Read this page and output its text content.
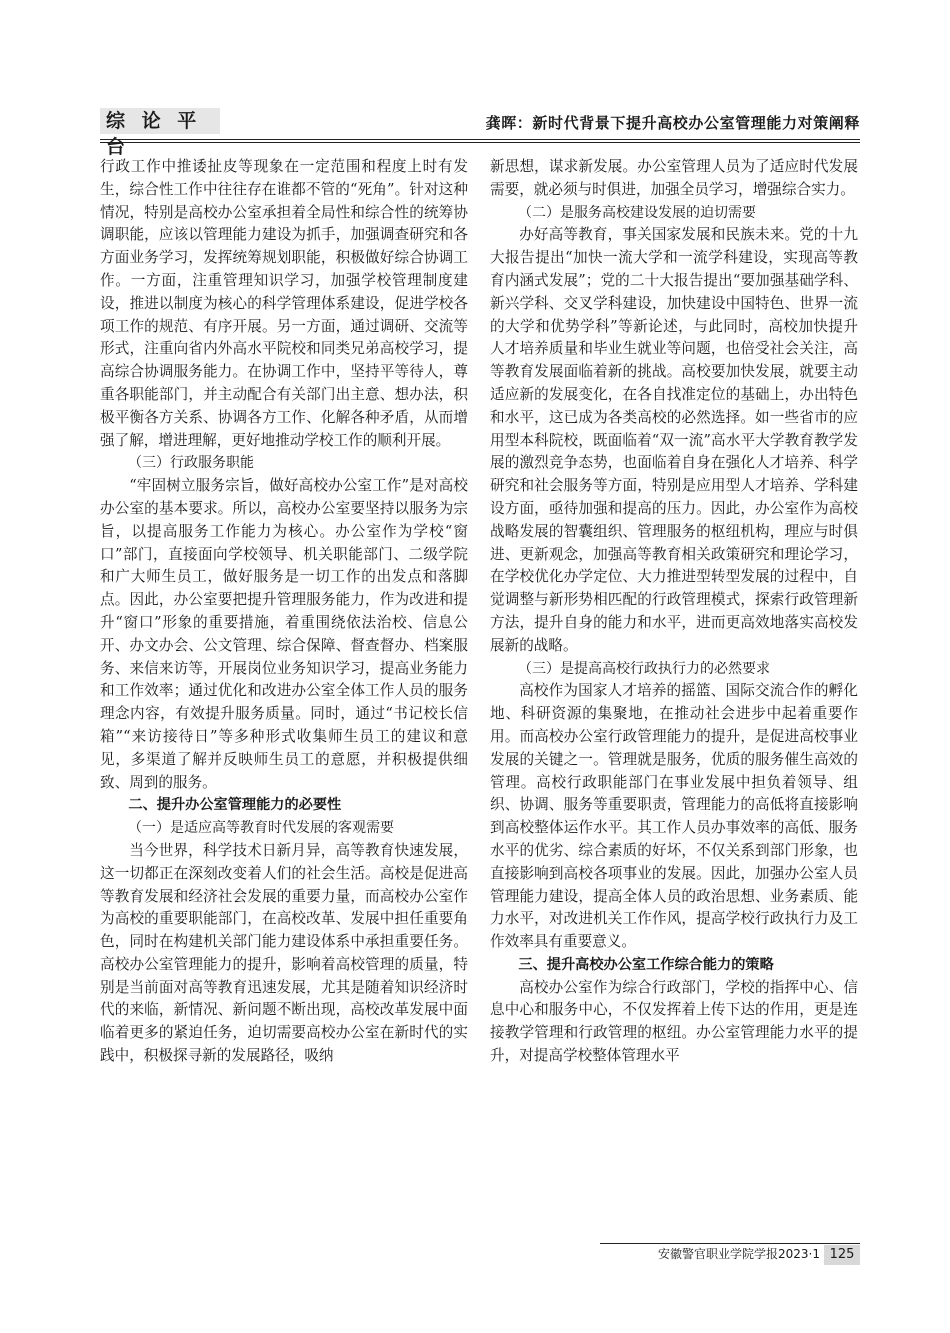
综 论 平 台
龚晖：新时代背景下提升高校办公室管理能力对策阐释

行政工作中推诿扯皮等现象在一定范围和程度上时有发生，综合性工作中往往存在谁都不管的“死角”。针对这种情况，特别是高校办公室承担着全局性和综合性的统筹协调职能，应该以管理能力建设为抓手，加强调查研究和各方面业务学习，发挥统筹规划职能，积极做好综合协调工作。一方面，注重管理知识学习，加强学校管理制度建设，推进以制度为核心的科学管理体系建设，促进学校各项工作的规范、有序开展。另一方面，通过调研、交流等形式，注重向省内外高水平院校和同类兄弟高校学习，提高综合协调服务能力。在协调工作中，坚持平等待人，尊重各职能部门，并主动配合有关部门出主意、想办法，积极平衡各方关系、协调各方工作、化解各种矛盾，从而增强了解，增进理解，更好地推动学校工作的顺利开展。

（三）行政服务职能

“牢固树立服务宗旨，做好高校办公室工作”是对高校办公室的基本要求。所以，高校办公室要坚持以服务为宗旨，以提高服务工作能力为核心。办公室作为学校“窗口”部门，直接面向学校领导、机关职能部门、二级学院和广大师生员工，做好服务是一切工作的出发点和落脚点。因此，办公室要把提升管理服务能力，作为改进和提升“窗口”形象的重要措施，着重围绕依法治校、信息公开、办文办会、公文管理、综合保障、督查督办、档案服务、来信来访等，开展岗位业务知识学习，提高业务能力和工作效率；通过优化和改进办公室全体工作人员的服务理念内容，有效提升服务质量。同时，通过“书记校长信箱”“来访接待日”等多种形式收集师生员工的建议和意见，多渠道了解并反映师生员工的意愿，并积极提供细致、周到的服务。

二、提升办公室管理能力的必要性

（一）是适应高等教育时代发展的客观需要

当今世界，科学技术日新月异，高等教育快速发展，这一切都正在深刻改变着人们的社会生活。高校是促进高等教育发展和经济社会发展的重要力量，而高校办公室作为高校的重要职能部门，在高校改革、发展中担任重要角色，同时在构建机关部门能力建设体系中承担重要任务。高校办公室管理能力的提升，影响着高校管理的质量，特别是当前面对高等教育迅速发展，尤其是随着知识经济时代的来临，新情况、新问题不断出现，高校改革发展中面临着更多的紧迫任务，迫切需要高校办公室在新时代的实践中，积极探寻新的发展路径，吸纳

新思想，谋求新发展。办公室管理人员为了适应时代发展需要，就必须与时俱进，加强全员学习，增强综合实力。

（二）是服务高校建设发展的迫切需要

办好高等教育，事关国家发展和民族未来。党的十九大报告提出“加快一流大学和一流学科建设，实现高等教育内涵式发展”；党的二十大报告提出“要加强基础学科、新兴学科、交叉学科建设，加快建设中国特色、世界一流的大学和优势学科”等新论述，与此同时，高校加快提升人才培养质量和毕业生就业等问题，也倍受社会关注，高等教育发展面临着新的挑战。高校要加快发展，就要主动适应新的发展变化，在各自找准定位的基础上，办出特色和水平，这已成为各类高校的必然选择。如一些省市的应用型本科院校，既面临着“双一流”高水平大学教育教学发展的激烈竞争态势，也面临着自身在强化人才培养、科学研究和社会服务等方面，特别是应用型人才培养、学科建设方面，亟待加强和提高的压力。因此，办公室作为高校战略发展的智囊组织、管理服务的枢纽机构，理应与时俱进、更新观念，加强高等教育相关政策研究和理论学习，在学校优化办学定位、大力推进型转型发展的过程中，自觉调整与新形势相匹配的行政管理模式，探索行政管理新方法，提升自身的能力和水平，进而更高效地落实高校发展新的战略。

（三）是提高高校行政执行力的必然要求

高校作为国家人才培养的摇篮、国际交流合作的孵化地、科研资源的集聚地，在推动社会进步中起着重要作用。而高校办公室行政管理能力的提升，是促进高校事业发展的关键之一。管理就是服务，优质的服务催生高效的管理。高校行政职能部门在事业发展中担负着领导、组织、协调、服务等重要职责，管理能力的高低将直接影响到高校整体运作水平。其工作人员办事效率的高低、服务水平的优劣、综合素质的好坏，不仅关系到部门形象，也直接影响到高校各项事业的发展。因此，加强办公室人员管理能力建设，提高全体人员的政治思想、业务素质、能力水平，对改进机关工作作风，提高学校行政执行力及工作效率具有重要意义。

三、提升高校办公室工作综合能力的策略

高校办公室作为综合行政部门，学校的指挥中心、信息中心和服务中心，不仅发挥着上传下达的作用，更是连接教学管理和行政管理的枢纽。办公室管理能力水平的提升，对提高学校整体管理水平

安徽警官职业学院学报2023·1 125
